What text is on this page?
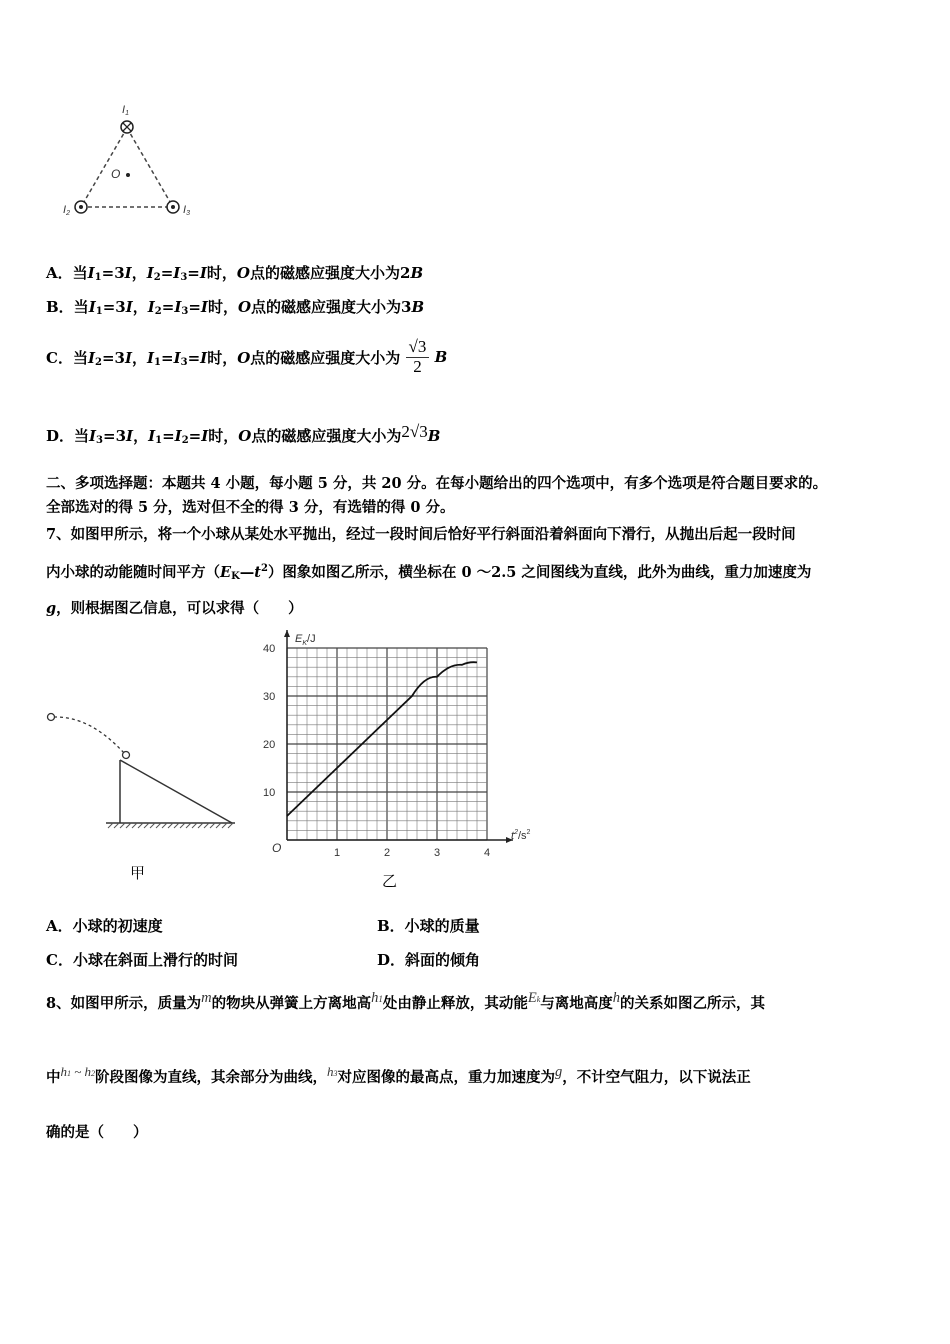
I1
I2	I3
O
A．当$I_1=3I$，$I_2=I_3=I$时，O点的磁感应强度大小为2B
B．当$I_1=3I$，$I_2=I_3=I$时，O点的磁感应强度大小为3B
C．当$I_2=3I$，$I_1=I_3=I$时，O点的磁感应强度大小为 $\frac{√3}{2}$ B
D．当$I_3=3I$，$I_1=I_2=I$时，O点的磁感应强度大小为2√3B
二、多项选择题：本题共 4 小题，每小题 5 分，共 20 分。在每小题给出的四个选项中，有多个选项是符合题目要求的。
全部选对的得 5 分，选对但不全的得 3 分，有选错的得 0 分。
7、如图甲所示，将一个小球从某处水平抛出，经过一段时间后恰好平行斜面沿着斜面向下滑行，从抛出后起一段时间
内小球的动能随时间平方$(E_K—t^2)$图象如图乙所示，横坐标在 0 ～2.5 之间图线为直线，此外为曲线，重力加速度为
g，则根据图乙信息，可以求得（　　）
甲
1	2	3	4
10
20
30
40
O
$E_K/J$
$t^2/s^2$
乙
A．小球的初速度	B．小球的质量
C．小球在斜面上滑行的时间	D．斜面的倾角
8、如图甲所示，质量为m的物块从弹簧上方离地高h1处由静止释放，其动能Ek与离地高度h的关系如图乙所示，其
中h1 ~ h2阶段图像为直线，其余部分为曲线，h3对应图像的最高点，重力加速度为g，不计空气阻力，以下说法正
确的是（　　）
